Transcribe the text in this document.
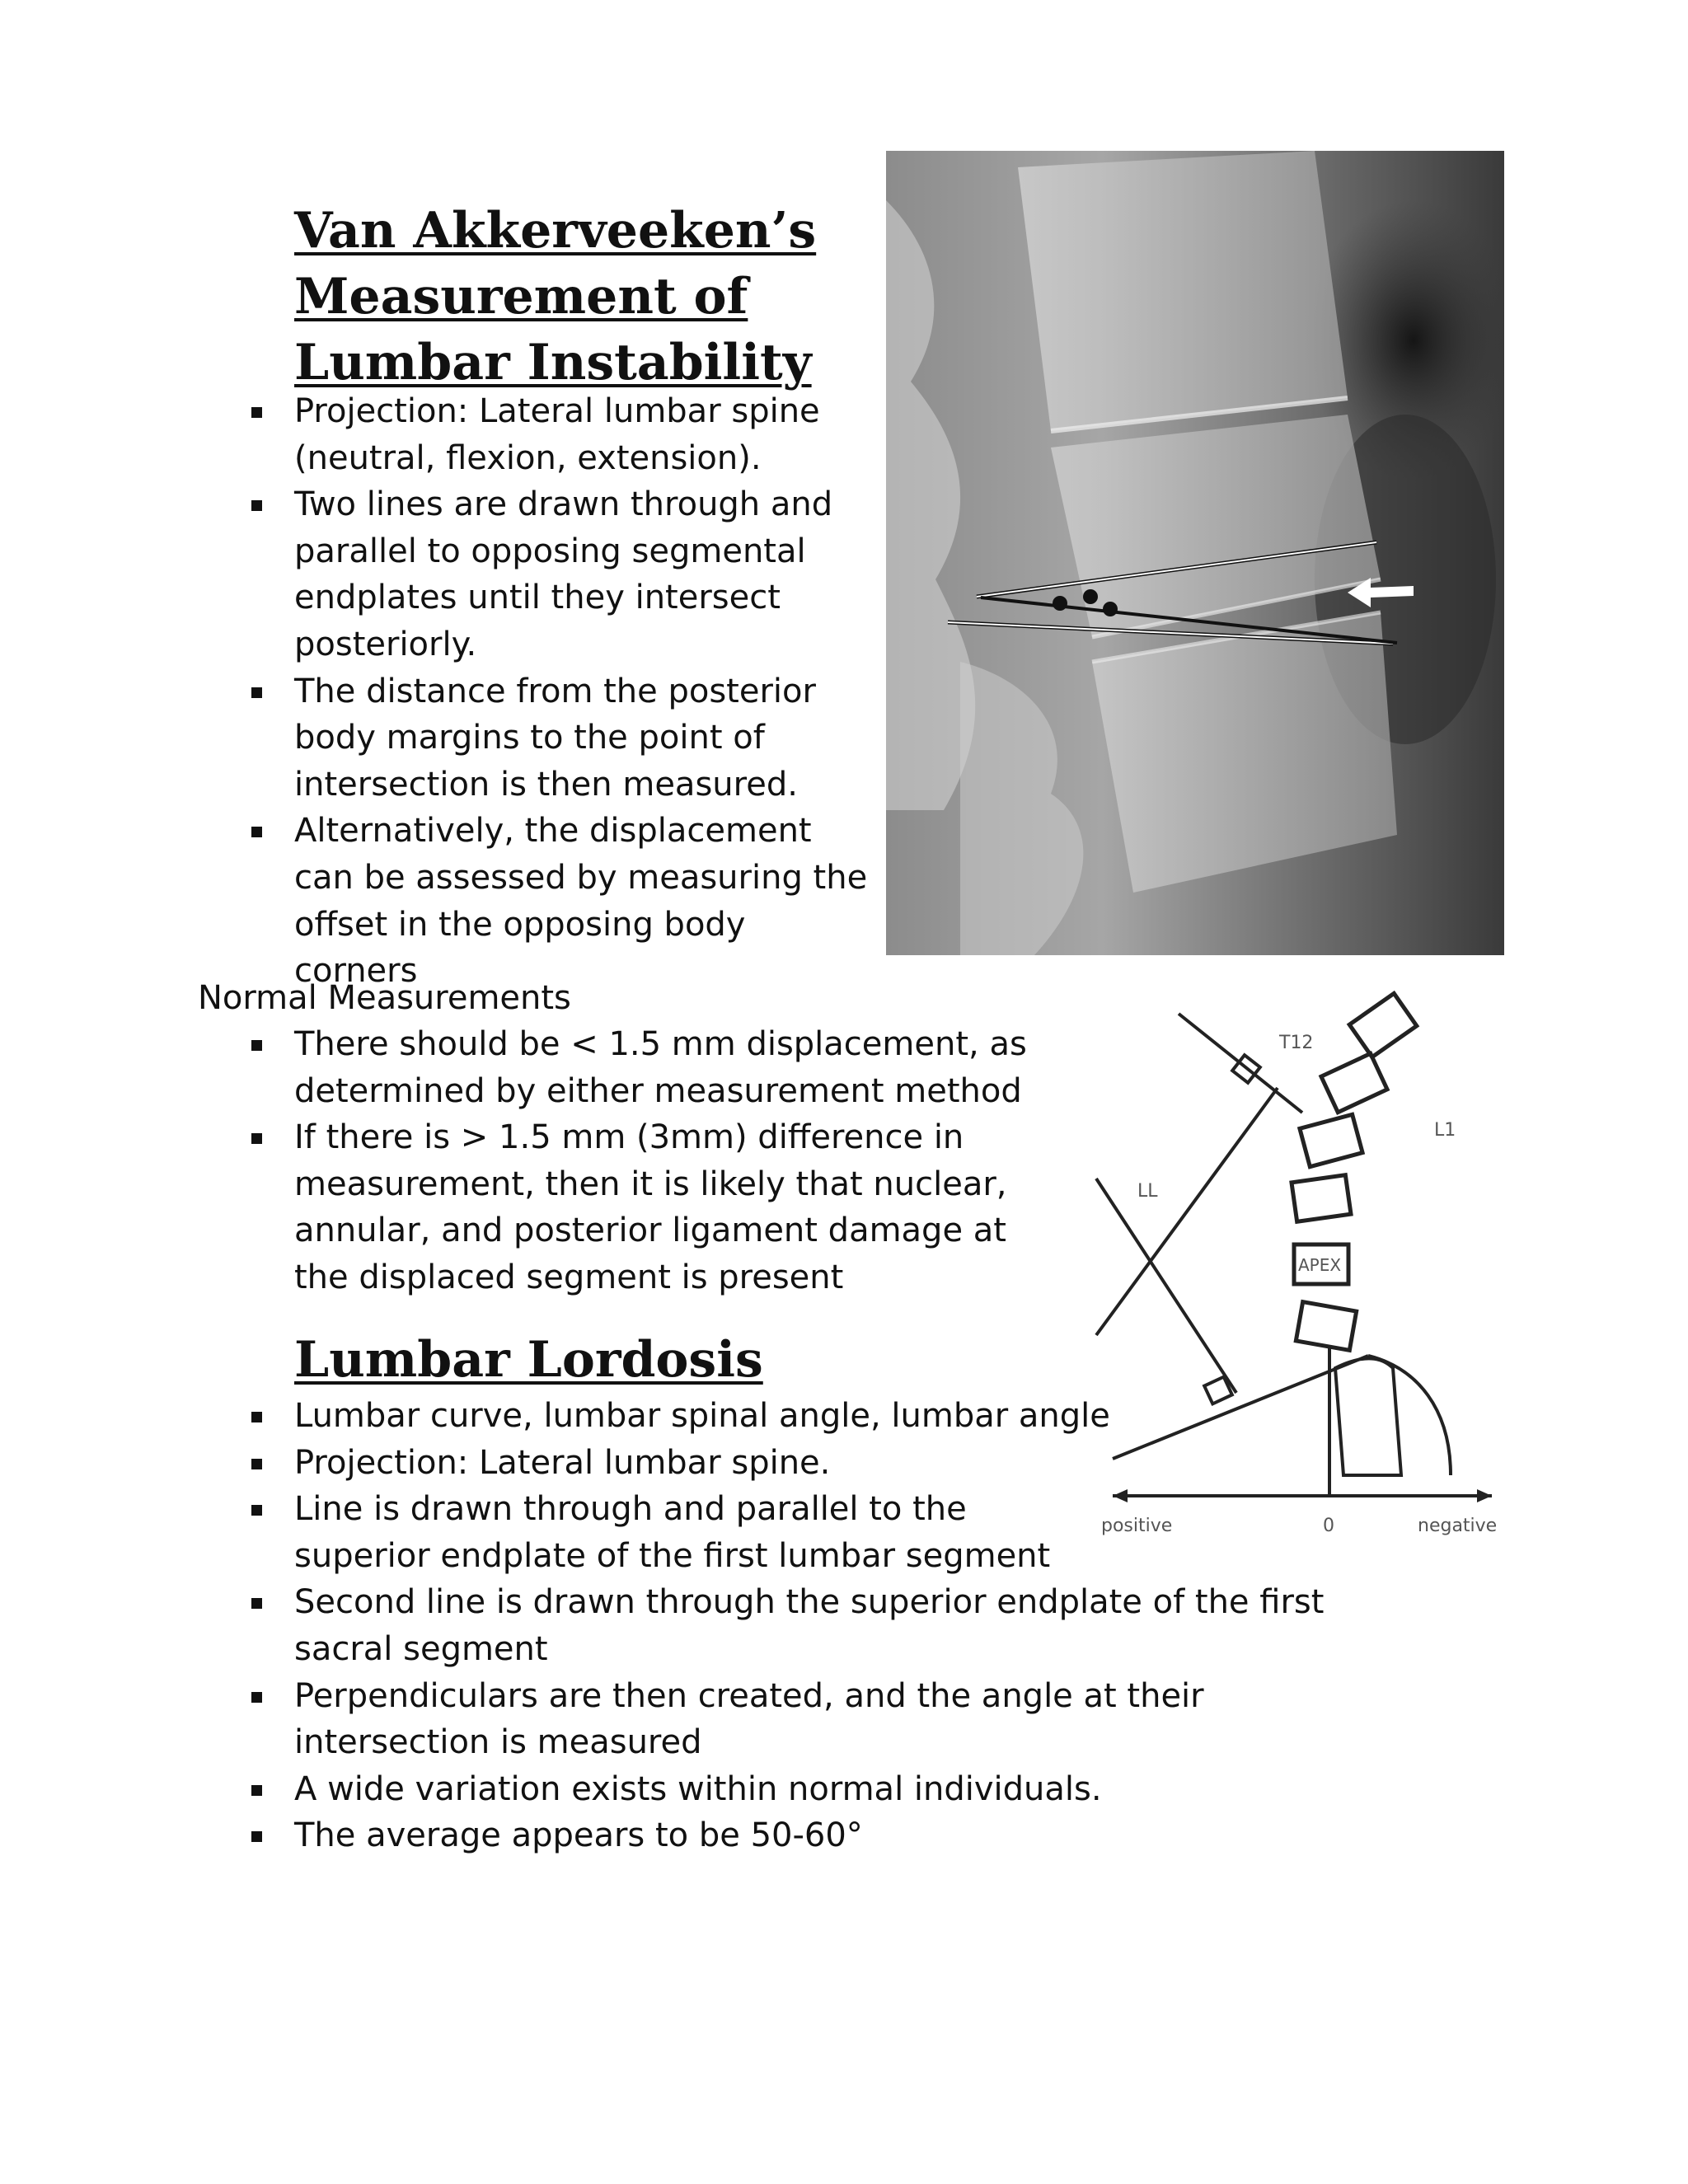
Van Akkerveeken’s
Measurement of
Lumbar Instability
Projection: Lateral lumbar spine (neutral, flexion, extension).
Two lines are drawn through and parallel to opposing segmental endplates until they intersect posteriorly.
The distance from the posterior body margins to the point of intersection is then measured.
Alternatively, the displacement can be assessed by measuring the offset in the opposing body corners
Normal Measurements
There should be < 1.5 mm displacement, as determined by either measurement method
If there is > 1.5 mm (3mm) difference in measurement, then it is likely that nuclear, annular, and posterior ligament damage at the displaced segment is present
T12
L1
LL
APEX
positive	0	negative
Lumbar Lordosis
Lumbar curve, lumbar spinal angle, lumbar angle
Projection: Lateral lumbar spine.
Line is drawn through and parallel to the superior endplate of the first lumbar segment
Second line is drawn through the superior endplate of the first sacral segment
Perpendiculars are then created, and the angle at their intersection is measured
A wide variation exists within normal individuals.
The average appears to be 50-60°
